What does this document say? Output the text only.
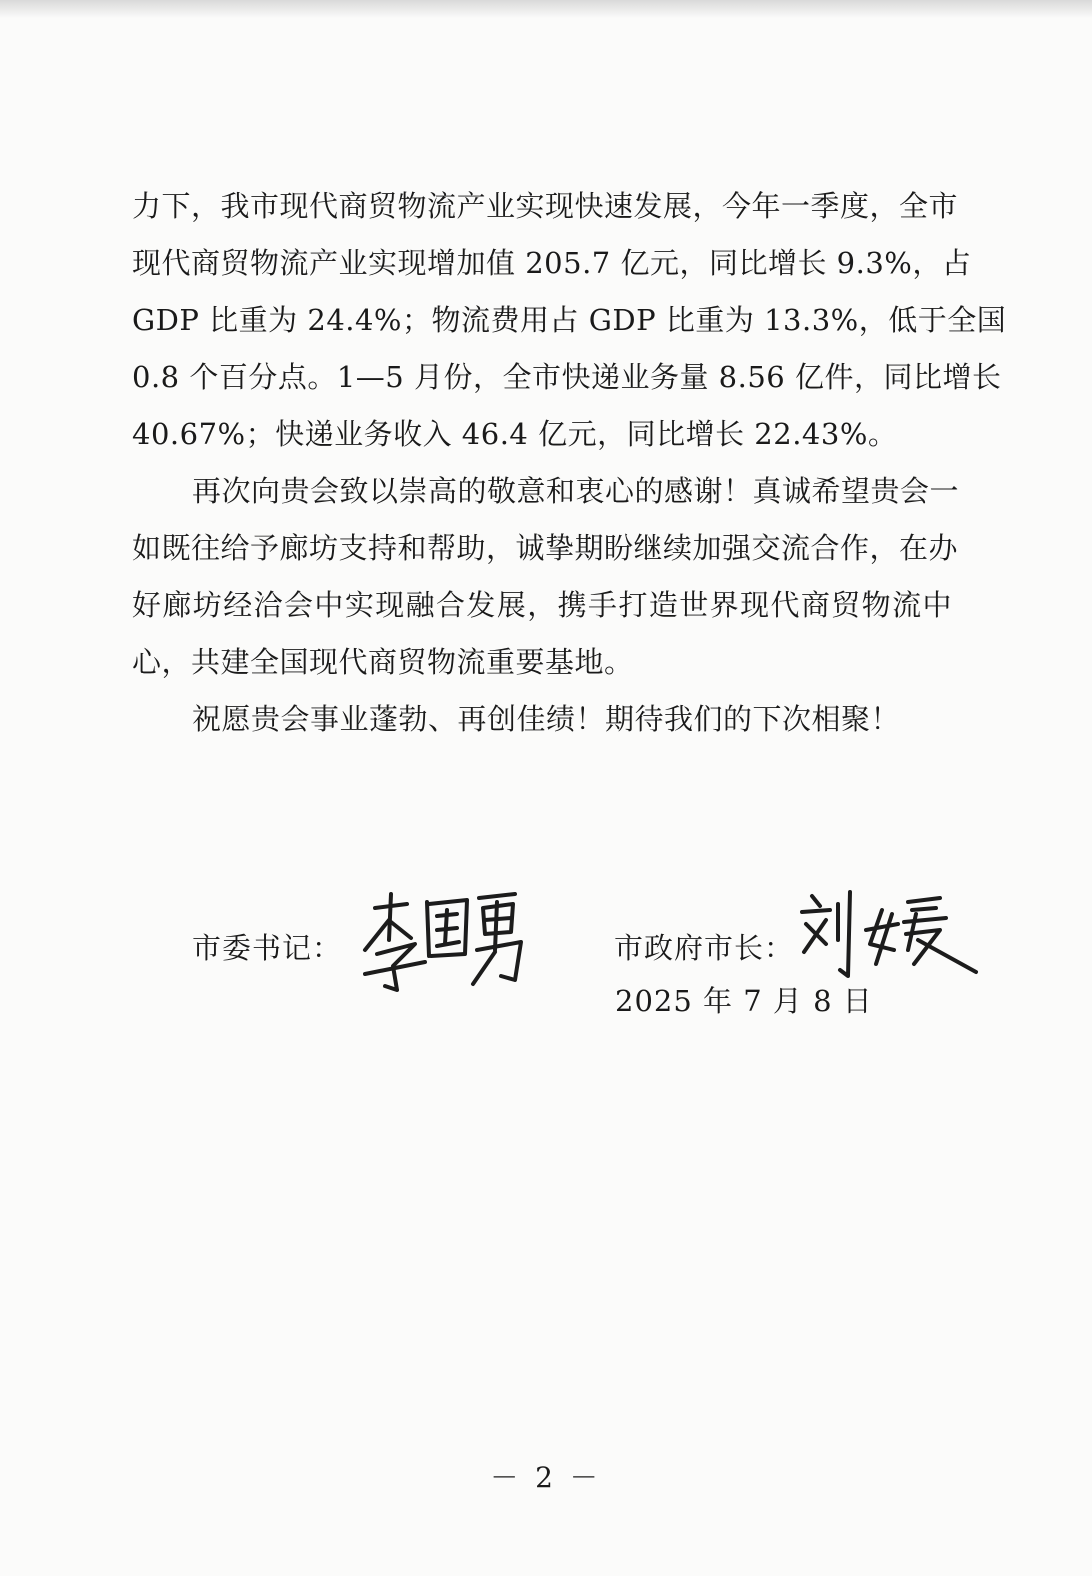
力下，我市现代商贸物流产业实现快速发展，今年一季度，全市
现代商贸物流产业实现增加值 205.7 亿元，同比增长 9.3%，占
GDP 比重为 24.4%；物流费用占 GDP 比重为 13.3%，低于全国
0.8 个百分点。1—5 月份，全市快递业务量 8.56 亿件，同比增长
40.67%；快递业务收入 46.4 亿元，同比增长 22.43%。
再次向贵会致以崇高的敬意和衷心的感谢！真诚希望贵会一
如既往给予廊坊支持和帮助，诚挚期盼继续加强交流合作，在办
好廊坊经洽会中实现融合发展，携手打造世界现代商贸物流中
心，共建全国现代商贸物流重要基地。
祝愿贵会事业蓬勃、再创佳绩！期待我们的下次相聚！
市委书记：	市政府市长：
2025 年 7 月 8 日
－ 2 －
